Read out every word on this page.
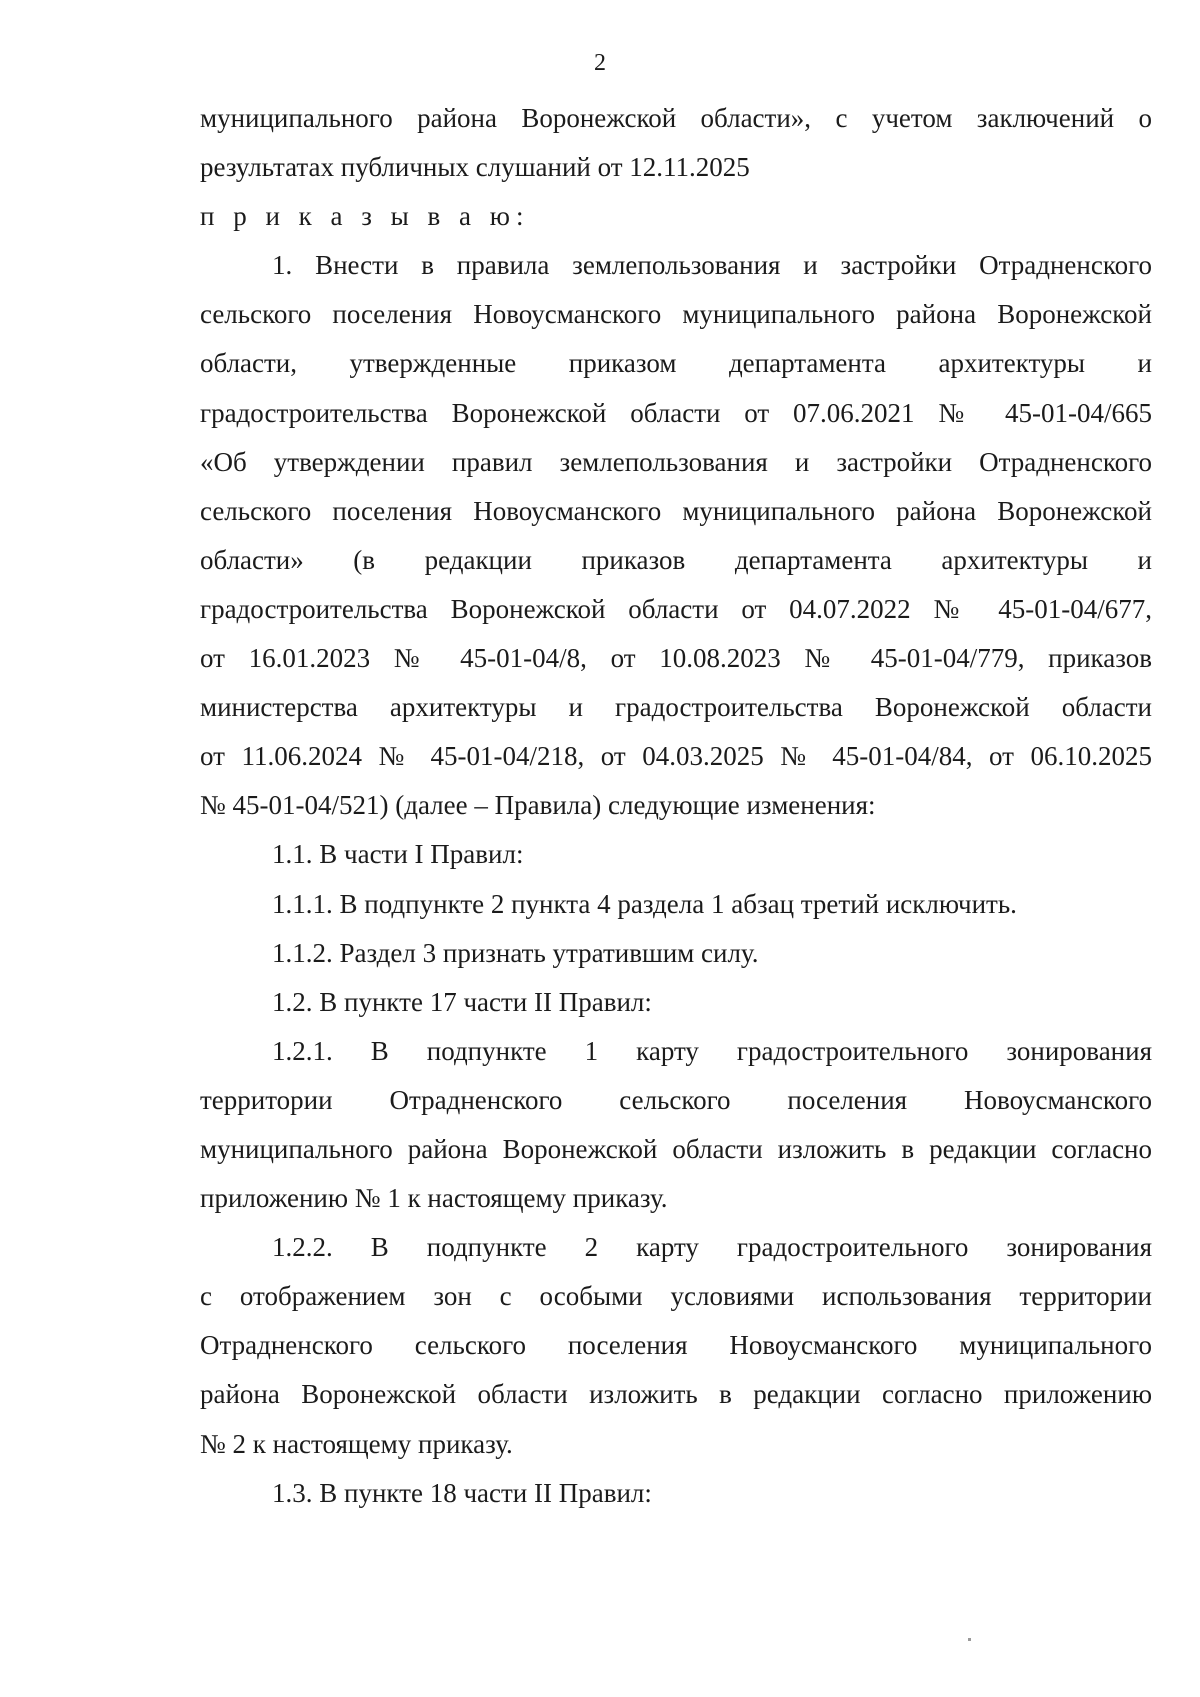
2
муниципального района Воронежской области», с учетом заключений о
результатах публичных слушаний от 12.11.2025
п р и к а з ы в а ю:
1. Внести в правила землепользования и застройки Отрадненского
сельского поселения Новоусманского муниципального района Воронежской
области, утвержденные приказом департамента архитектуры и
градостроительства Воронежской области от 07.06.2021 № 45-01-04/665
«Об утверждении правил землепользования и застройки Отрадненского
сельского поселения Новоусманского муниципального района Воронежской
области» (в редакции приказов департамента архитектуры и
градостроительства Воронежской области от 04.07.2022 № 45-01-04/677,
от 16.01.2023 № 45-01-04/8, от 10.08.2023 № 45-01-04/779, приказов
министерства архитектуры и градостроительства Воронежской области
от 11.06.2024 № 45-01-04/218, от 04.03.2025 № 45-01-04/84, от 06.10.2025
№ 45-01-04/521) (далее – Правила) следующие изменения:
1.1. В части I Правил:
1.1.1. В подпункте 2 пункта 4 раздела 1 абзац третий исключить.
1.1.2. Раздел 3 признать утратившим силу.
1.2. В пункте 17 части II Правил:
1.2.1. В подпункте 1 карту градостроительного зонирования
территории Отрадненского сельского поселения Новоусманского
муниципального района Воронежской области изложить в редакции согласно
приложению № 1 к настоящему приказу.
1.2.2. В подпункте 2 карту градостроительного зонирования
с отображением зон с особыми условиями использования территории
Отрадненского сельского поселения Новоусманского муниципального
района Воронежской области изложить в редакции согласно приложению
№ 2 к настоящему приказу.
1.3. В пункте 18 части II Правил:
